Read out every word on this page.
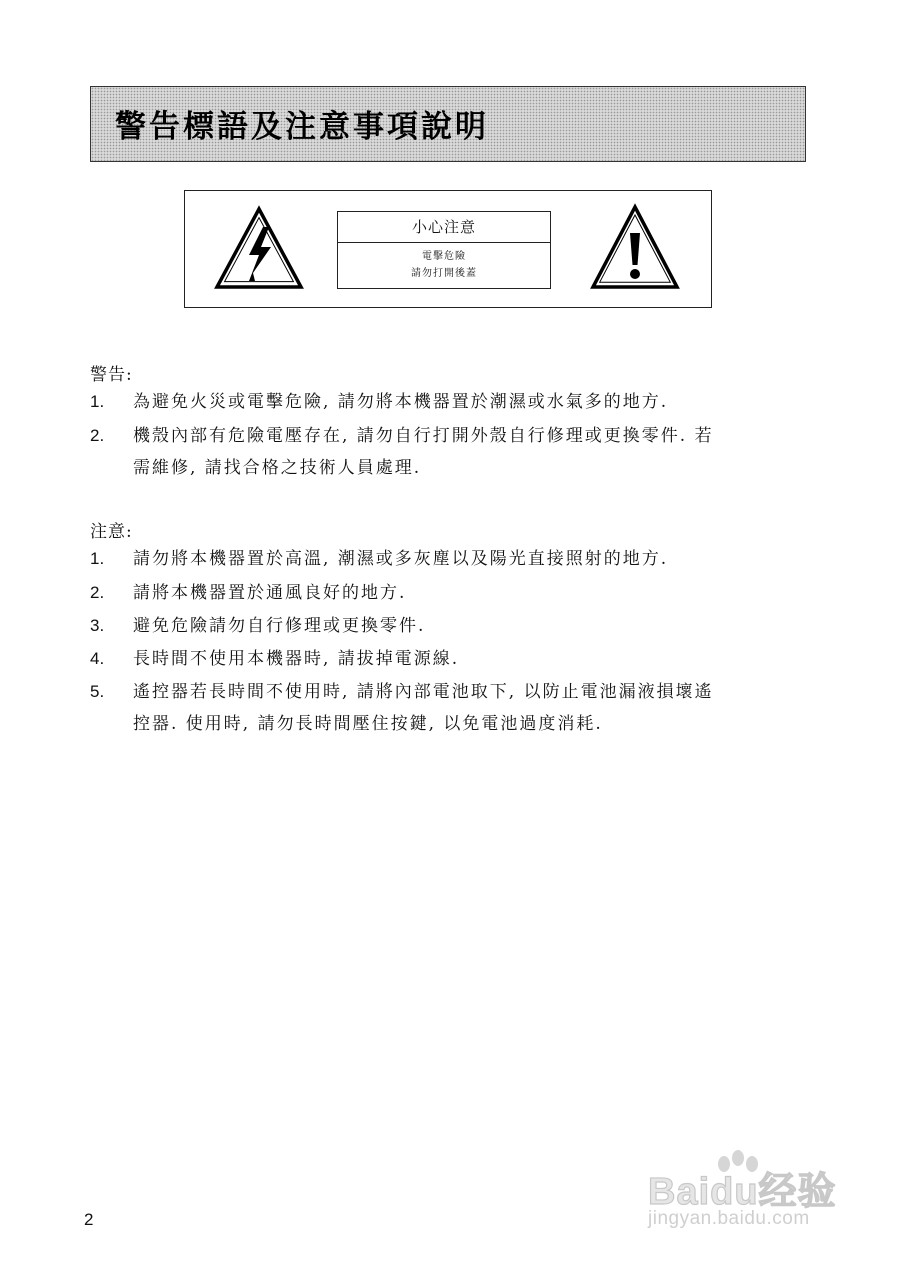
警告標語及注意事項說明
小心注意
電擊危險
請勿打開後蓋
警告:
1. 為避免火災或電擊危險, 請勿將本機器置於潮濕或水氣多的地方.
2. 機殼內部有危險電壓存在, 請勿自行打開外殼自行修理或更換零件. 若
需維修, 請找合格之技術人員處理.
注意:
1. 請勿將本機器置於高溫, 潮濕或多灰塵以及陽光直接照射的地方.
2. 請將本機器置於通風良好的地方.
3. 避免危險請勿自行修理或更換零件.
4. 長時間不使用本機器時, 請拔掉電源線.
5. 遙控器若長時間不使用時, 請將內部電池取下, 以防止電池漏液損壞遙
控器. 使用時, 請勿長時間壓住按鍵, 以免電池過度消耗.
2
Baidu经验
jingyan.baidu.com
